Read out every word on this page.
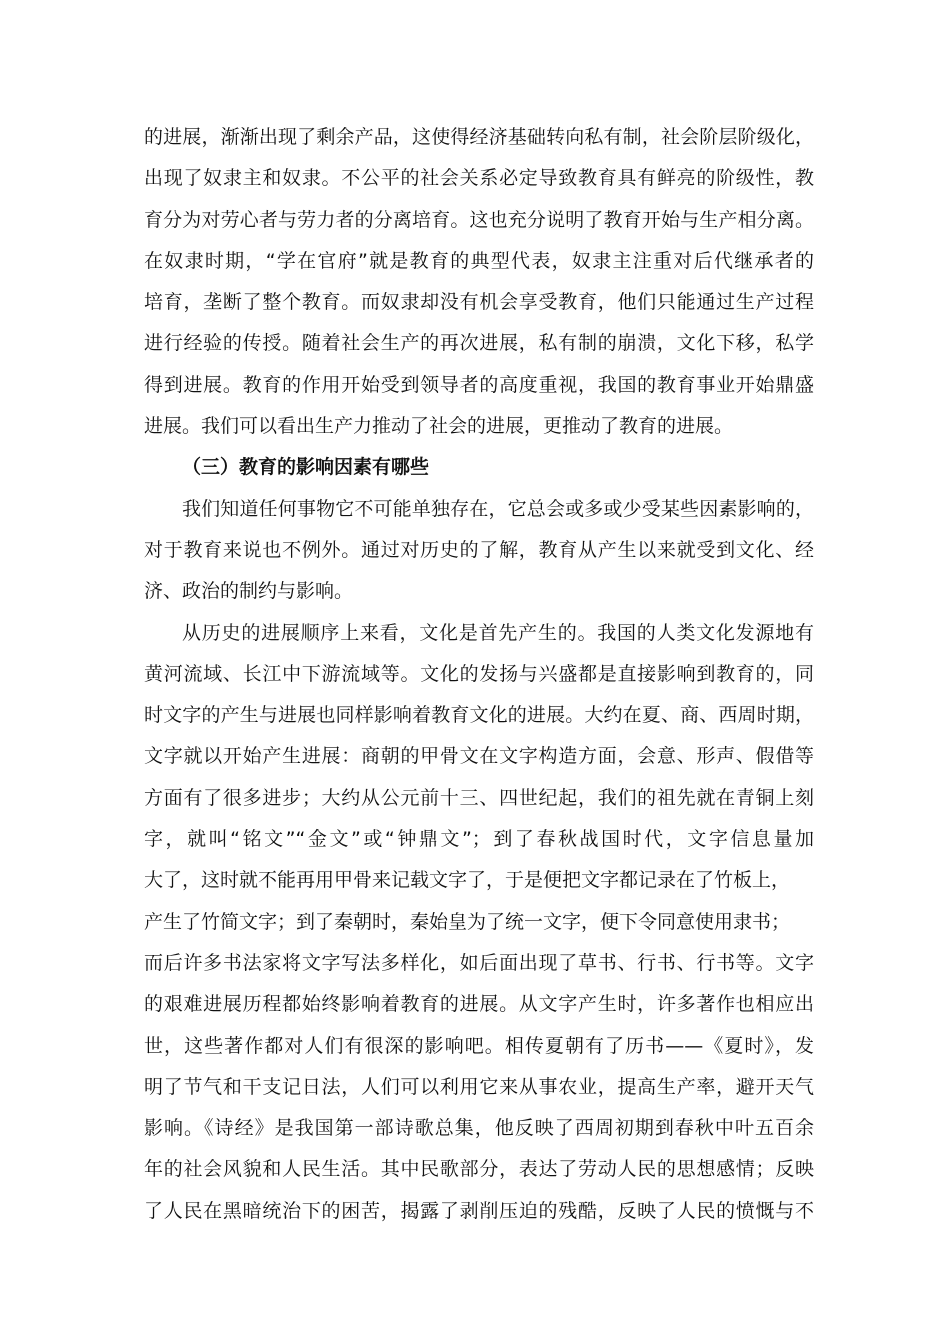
的进展，渐渐出现了剩余产品，这使得经济基础转向私有制，社会阶层阶级化，
出现了奴隶主和奴隶。不公平的社会关系必定导致教育具有鲜亮的阶级性，教
育分为对劳心者与劳力者的分离培育。这也充分说明了教育开始与生产相分离。
在奴隶时期，“学在官府”就是教育的典型代表，奴隶主注重对后代继承者的
培育，垄断了整个教育。而奴隶却没有机会享受教育，他们只能通过生产过程
进行经验的传授。随着社会生产的再次进展，私有制的崩溃，文化下移，私学
得到进展。教育的作用开始受到领导者的高度重视，我国的教育事业开始鼎盛
进展。我们可以看出生产力推动了社会的进展，更推动了教育的进展。
（三）教育的影响因素有哪些
我们知道任何事物它不可能单独存在，它总会或多或少受某些因素影响的，
对于教育来说也不例外。通过对历史的了解，教育从产生以来就受到文化、经
济、政治的制约与影响。
从历史的进展顺序上来看，文化是首先产生的。我国的人类文化发源地有
黄河流域、长江中下游流域等。文化的发扬与兴盛都是直接影响到教育的，同
时文字的产生与进展也同样影响着教育文化的进展。大约在夏、商、西周时期，
文字就以开始产生进展：商朝的甲骨文在文字构造方面，会意、形声、假借等
方面有了很多进步；大约从公元前十三、四世纪起，我们的祖先就在青铜上刻
字，就叫“铭文”“金文”或“钟鼎文”；到了春秋战国时代，文字信息量加
大了，这时就不能再用甲骨来记载文字了，于是便把文字都记录在了竹板上，
产生了竹简文字；到了秦朝时，秦始皇为了统一文字，便下令同意使用隶书；
而后许多书法家将文字写法多样化，如后面出现了草书、行书、行书等。文字
的艰难进展历程都始终影响着教育的进展。从文字产生时，许多著作也相应出
世，这些著作都对人们有很深的影响吧。相传夏朝有了历书——《夏时》，发
明了节气和干支记日法，人们可以利用它来从事农业，提高生产率，避开天气
影响。《诗经》是我国第一部诗歌总集，他反映了西周初期到春秋中叶五百余
年的社会风貌和人民生活。其中民歌部分，表达了劳动人民的思想感情；反映
了人民在黑暗统治下的困苦，揭露了剥削压迫的残酷，反映了人民的愤慨与不
